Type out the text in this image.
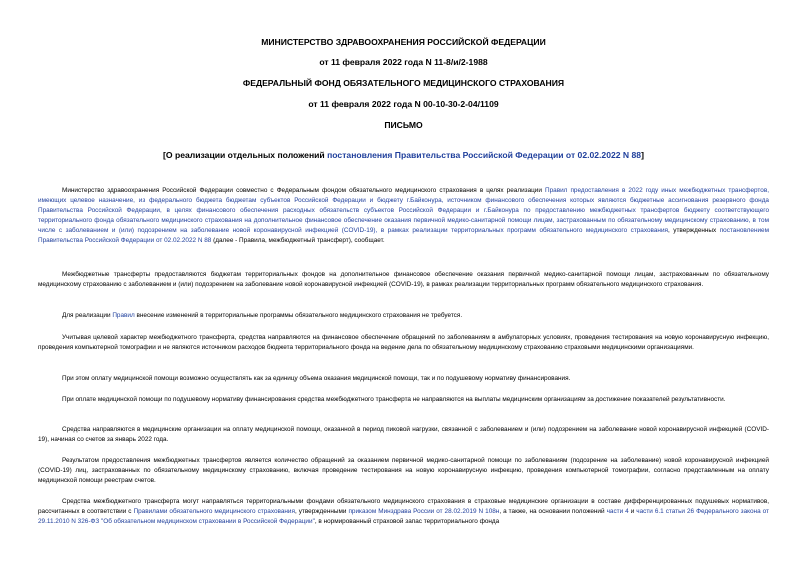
МИНИСТЕРСТВО ЗДРАВООХРАНЕНИЯ РОССИЙСКОЙ ФЕДЕРАЦИИ
от 11 февраля 2022 года N 11-8/и/2-1988
ФЕДЕРАЛЬНЫЙ ФОНД ОБЯЗАТЕЛЬНОГО МЕДИЦИНСКОГО СТРАХОВАНИЯ
от 11 февраля 2022 года N 00-10-30-2-04/1109
ПИСЬМО
[О реализации отдельных положений постановления Правительства Российской Федерации от 02.02.2022 N 88]
Министерство здравоохранения Российской Федерации совместно с Федеральным фондом обязательного медицинского страхования в целях реализации Правил предоставления в 2022 году иных межбюджетных трансфертов, имеющих целевое назначение, из федерального бюджета бюджетам субъектов Российской Федерации и бюджету г.Байконура, источником финансового обеспечения которых являются бюджетные ассигнования резервного фонда Правительства Российской Федерации, в целях финансового обеспечения расходных обязательств субъектов Российской Федерации и г.Байконура по предоставлению межбюджетных трансфертов бюджету соответствующего территориального фонда обязательного медицинского страхования на дополнительное финансовое обеспечение оказания первичной медико-санитарной помощи лицам, застрахованным по обязательному медицинскому страхованию, в том числе с заболеванием и (или) подозрением на заболевание новой коронавирусной инфекцией (COVID-19), в рамках реализации территориальных программ обязательного медицинского страхования, утвержденных постановлением Правительства Российской Федерации от 02.02.2022 N 88 (далее - Правила, межбюджетный трансферт), сообщает.
Межбюджетные трансферты предоставляются бюджетам территориальных фондов на дополнительное финансовое обеспечение оказания первичной медико-санитарной помощи лицам, застрахованным по обязательному медицинскому страхованию с заболеванием и (или) подозрением на заболевание новой коронавирусной инфекцией (COVID-19), в рамках реализации территориальных программ обязательного медицинского страхования.
Для реализации Правил внесение изменений в территориальные программы обязательного медицинского страхования не требуется.
Учитывая целевой характер межбюджетного трансферта, средства направляются на финансовое обеспечение обращений по заболеваниям в амбулаторных условиях, проведения тестирования на новую коронавирусную инфекцию, проведения компьютерной томографии и не являются источником расходов бюджета территориального фонда на ведение дела по обязательному медицинскому страхованию страховыми медицинскими организациями.
При этом оплату медицинской помощи возможно осуществлять как за единицу объема оказания медицинской помощи, так и по подушевому нормативу финансирования.
При оплате медицинской помощи по подушевому нормативу финансирования средства межбюджетного трансферта не направляются на выплаты медицинским организациям за достижение показателей результативности.
Средства направляются в медицинские организации на оплату медицинской помощи, оказанной в период пиковой нагрузки, связанной с заболеванием и (или) подозрением на заболевание новой коронавирусной инфекцией (COVID-19), начиная со счетов за январь 2022 года.
Результатом предоставления межбюджетных трансфертов является количество обращений за оказанием первичной медико-санитарной помощи по заболеваниям (подозрение на заболевание) новой коронавирусной инфекцией (COVID-19) лиц, застрахованных по обязательному медицинскому страхованию, включая проведение тестирования на новую коронавирусную инфекцию, проведения компьютерной томографии, согласно представленным на оплату медицинской помощи реестрам счетов.
Средства межбюджетного трансферта могут направляться территориальными фондами обязательного медицинского страхования в страховые медицинские организации в составе дифференцированных подушевых нормативов, рассчитанных в соответствии с Правилами обязательного медицинского страхования, утвержденными приказом Минздрава России от 28.02.2019 N 108н, а также, на основании положений части 4 и части 6.1 статьи 26 Федерального закона от 29.11.2010 N 326-ФЗ "Об обязательном медицинском страховании в Российской Федерации", в нормированный страховой запас территориального фонда
